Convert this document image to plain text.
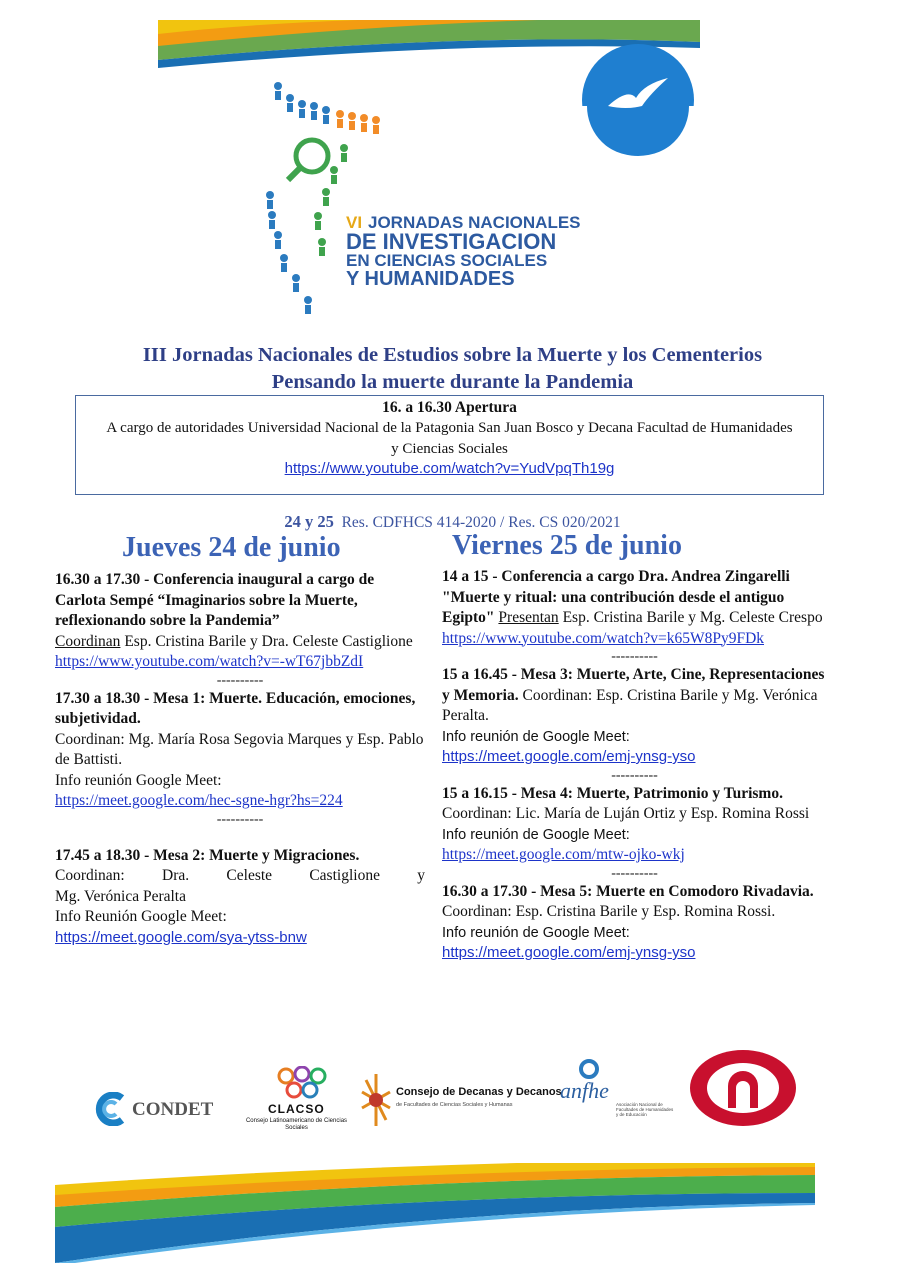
VI JORNADAS NACIONALES
DE INVESTIGACION
EN CIENCIAS SOCIALES
Y HUMANIDADES
III Jornadas Nacionales de Estudios sobre la Muerte y los Cementerios
Pensando la muerte durante la Pandemia
16. a 16.30 Apertura
A cargo de autoridades Universidad Nacional de la Patagonia San Juan Bosco y Decana Facultad de Humanidades y Ciencias Sociales
https://www.youtube.com/watch?v=YudVpqTh19g
24 y 25 Res. CDFHCS 414-2020 / Res. CS 020/2021
Jueves 24 de junio	Viernes 25 de junio

16.30 a 17.30 - Conferencia inaugural a cargo de Carlota Sempé “Imaginarios sobre la Muerte, reflexionando sobre la Pandemia”

Coordinan Esp. Cristina Barile y Dra. Celeste Castiglione

https://www.youtube.com/watch?v=-wT67jbbZdI

----------

17.30 a 18.30 - Mesa 1: Muerte. Educación, emociones, subjetividad.

Coordinan: Mg. María Rosa Segovia Marques y Esp. Pablo de Battisti.

Info reunión Google Meet:

https://meet.google.com/hec-sgne-hgr?hs=224

----------

17.45 a 18.30 - Mesa 2: Muerte y Migraciones.

Coordinan: Dra. Celeste Castiglione y

Mg. Verónica Peralta

Info Reunión Google Meet:

https://meet.google.com/sya-ytss-bnw

14 a 15 - Conferencia a cargo Dra. Andrea Zingarelli "Muerte y ritual: una contribución desde el antiguo Egipto" Presentan Esp. Cristina Barile y Mg. Celeste Crespo

https://www.youtube.com/watch?v=k65W8Py9FDk

----------

15 a 16.45 - Mesa 3: Muerte, Arte, Cine, Representaciones y Memoria. Coordinan: Esp. Cristina Barile y Mg. Verónica Peralta.

Info reunión de Google Meet:

https://meet.google.com/emj-ynsg-yso

----------

15 a 16.15 - Mesa 4: Muerte, Patrimonio y Turismo. Coordinan: Lic. María de Luján Ortiz y Esp. Romina Rossi

Info reunión de Google Meet:

https://meet.google.com/mtw-ojko-wkj

----------

16.30 a 17.30 - Mesa 5: Muerte en Comodoro Rivadavia. Coordinan: Esp. Cristina Barile y Esp. Romina Rossi.

Info reunión de Google Meet:

https://meet.google.com/emj-ynsg-yso

CONDET	CLACSO
Consejo Latinoamericano de Ciencias Sociales
Consejo de Decanas y Decanos
de Facultades de Ciencias Sociales y Humanas
anfhe
Asociación Nacional de Facultades de Humanidades y de Educación
